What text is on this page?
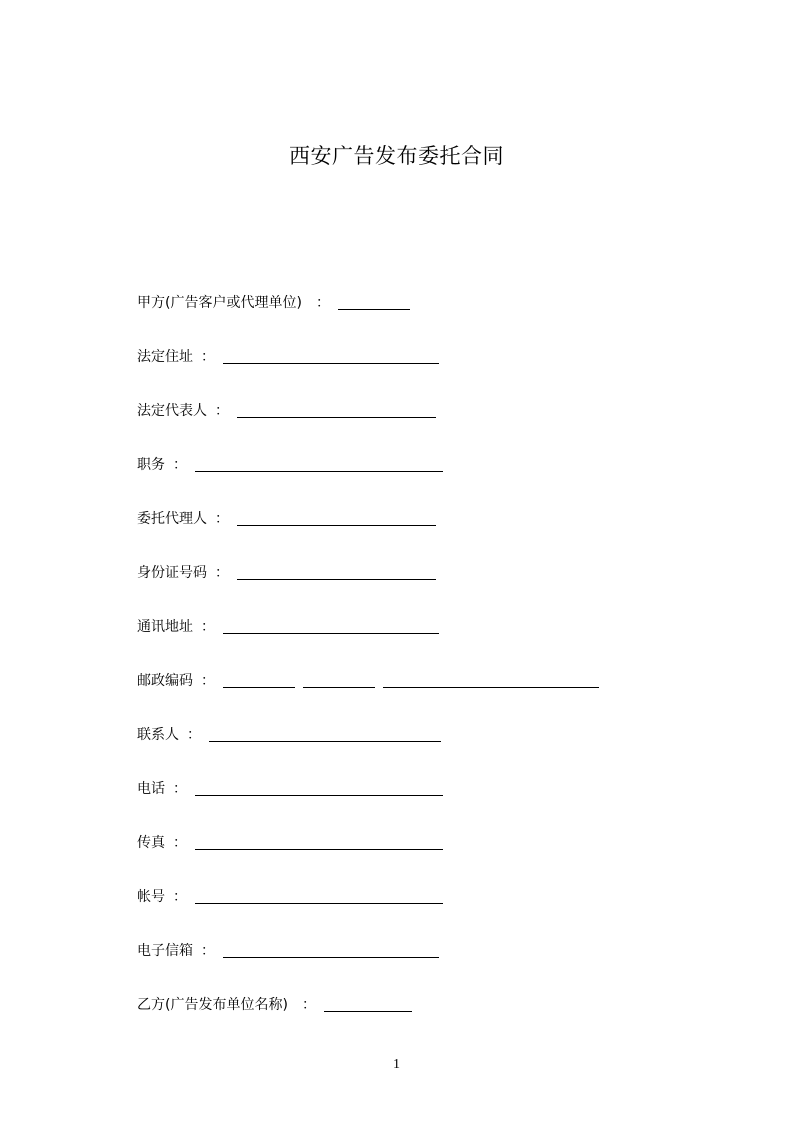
西安广告发布委托合同
甲方(广告客户或代理单位) ：
法定住址 ：
法定代表人 ：
职务 ：
委托代理人 ：
身份证号码 ：
通讯地址 ：
邮政编码 ：
联系人 ：
电话 ：
传真 ：
帐号 ：
电子信箱 ：
乙方(广告发布单位名称) ：
1
